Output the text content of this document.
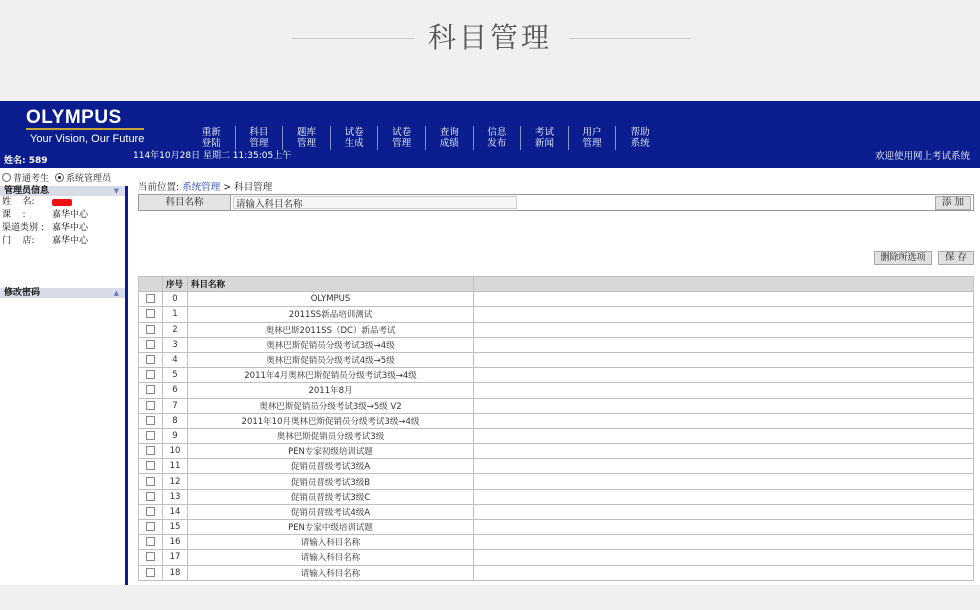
科目管理
OLYMPUS
Your Vision, Our Future
姓名: 589	114年10月28日 星期二 11:35:05上午
重新
登陆
科目
管理
题库
管理
试卷
生成
试卷
管理
查询
成绩
信息
发布
考试
新闻
用户
管理
帮助
系统
欢迎使用网上考试系统
普通考生 系统管理员
管理员信息	▼
姓    名:
课    :	嘉华中心
渠道类别 : 嘉华中心
门    店:	嘉华中心
修改密码	▲
当前位置: 系统管理 > 科目管理
科目名称
请输入科目名称	添 加
删除所选项	保 存
	序号	科目名称	
	0	OLYMPUS	
	1	2011SS新品培训测试	
	2	奥林巴斯2011SS（DC）新品考试	
	3	奥林巴斯促销员分级考试3级→4级	
	4	奥林巴斯促销员分级考试4级→5级	
	5	2011年4月奥林巴斯促销员分级考试3级→4级	
	6	2011年8月	
	7	奥林巴斯促销员分级考试3级→5级 V2	
	8	2011年10月奥林巴斯促销员分级考试3级→4级	
	9	奥林巴斯促销员分级考试3级	
	10	PEN专家初级培训试题	
	11	促销员晋级考试3级A	
	12	促销员晋级考试3级B	
	13	促销员晋级考试3级C	
	14	促销员晋级考试4级A	
	15	PEN专家中级培训试题	
	16	请输入科目名称	
	17	请输入科目名称	
	18	请输入科目名称	
